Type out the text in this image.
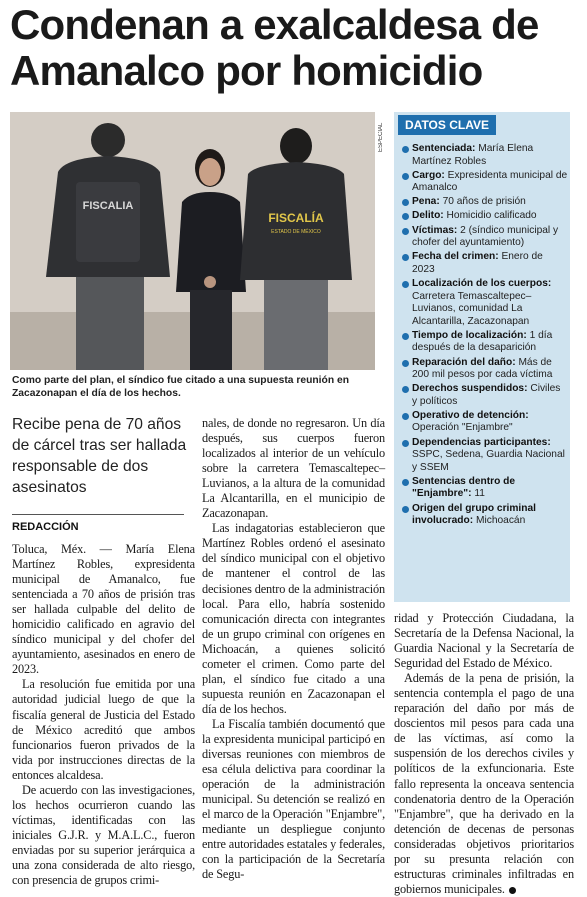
Condenan a exalcaldesa de Amanalco por homicidio
FISCALIA
FISCALÍA
ESTADO DE MÉXICO
ESPECIAL

Como parte del plan, el síndico fue citado a una supuesta reunión en Zacazonapan el día de los hechos.

DATOS CLAVE
Sentenciada: María Elena Martínez Robles
Cargo: Expresidenta municipal de Amanalco
Pena: 70 años de prisión
Delito: Homicidio calificado
Víctimas: 2 (síndico municipal y chofer del ayuntamiento)
Fecha del crimen: Enero de 2023
Localización de los cuerpos: Carretera Temascaltepec–Luvianos, comunidad La Alcantarilla, Zacazonapan
Tiempo de localización: 1 día después de la desaparición
Reparación del daño: Más de 200 mil pesos por cada víctima
Derechos suspendidos: Civiles y políticos
Operativo de detención: Operación "Enjambre"
Dependencias participantes: SSPC, Sedena, Guardia Nacional y SSEM
Sentencias dentro de "Enjambre": 11
Origen del grupo criminal involucrado: Michoacán

Recibe pena de 70 años de cárcel tras ser hallada responsable de dos asesinatos

REDACCIÓN

Toluca, Méx. — María Elena Martínez Robles, expresidenta municipal de Amanalco, fue sentenciada a 70 años de prisión tras ser hallada culpable del delito de homicidio calificado en agravio del síndico municipal y del chofer del ayuntamiento, asesinados en enero de 2023.

La resolución fue emitida por una autoridad judicial luego de que la fiscalía general de Justicia del Estado de México acreditó que ambos funcionarios fueron privados de la vida por instrucciones directas de la entonces alcaldesa.

De acuerdo con las investigaciones, los hechos ocurrieron cuando las víctimas, identificadas con las iniciales G.J.R. y M.A.L.C., fueron enviadas por su superior jerárquica a una zona considerada de alto riesgo, con presencia de grupos crimi-

nales, de donde no regresaron. Un día después, sus cuerpos fueron localizados al interior de un vehículo sobre la carretera Temascaltepec–Luvianos, a la altura de la comunidad La Alcantarilla, en el municipio de Zacazonapan.

Las indagatorias establecieron que Martínez Robles ordenó el asesinato del síndico municipal con el objetivo de mantener el control de las decisiones dentro de la administración local. Para ello, habría sostenido comunicación directa con integrantes de un grupo criminal con orígenes en Michoacán, a quienes solicitó cometer el crimen. Como parte del plan, el síndico fue citado a una supuesta reunión en Zacazonapan el día de los hechos.

La Fiscalía también documentó que la expresidenta municipal participó en diversas reuniones con miembros de esa célula delictiva para coordinar la operación de la administración municipal. Su detención se realizó en el marco de la Operación "Enjambre", mediante un despliegue conjunto entre autoridades estatales y federales, con la participación de la Secretaría de Segu-

ridad y Protección Ciudadana, la Secretaría de la Defensa Nacional, la Guardia Nacional y la Secretaría de Seguridad del Estado de México.

Además de la pena de prisión, la sentencia contempla el pago de una reparación del daño por más de doscientos mil pesos para cada una de las víctimas, así como la suspensión de los derechos civiles y políticos de la exfuncionaria. Este fallo representa la onceava sentencia condenatoria dentro de la Operación "Enjambre", que ha derivado en la detención de decenas de personas consideradas objetivos prioritarios por su presunta relación con estructuras criminales infiltradas en gobiernos municipales.
